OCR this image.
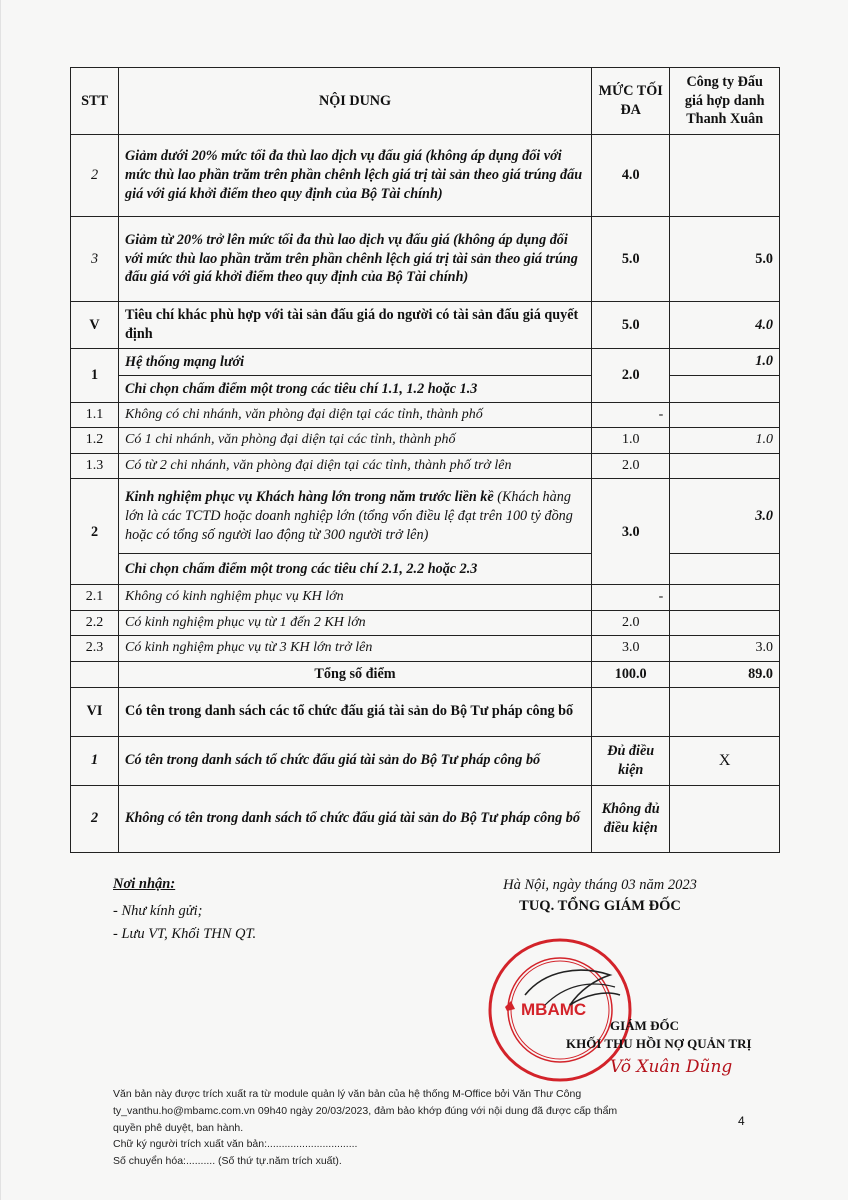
STT	NỘI DUNG	MỨC TỐI ĐA	Công ty Đấu giá hợp danh Thanh Xuân
2	Giảm dưới 20% mức tối đa thù lao dịch vụ đấu giá (không áp dụng đối với mức thù lao phần trăm trên phần chênh lệch giá trị tài sản theo giá trúng đấu giá với giá khởi điểm theo quy định của Bộ Tài chính)	4.0	
3	Giảm từ 20% trở lên mức tối đa thù lao dịch vụ đấu giá (không áp dụng đối với mức thù lao phần trăm trên phần chênh lệch giá trị tài sản theo giá trúng đấu giá với giá khởi điểm theo quy định của Bộ Tài chính)	5.0	5.0
V	Tiêu chí khác phù hợp với tài sản đấu giá do người có tài sản đấu giá quyết định	5.0	4.0
1	Hệ thống mạng lưới	2.0	1.0
	Chỉ chọn chấm điểm một trong các tiêu chí 1.1, 1.2 hoặc 1.3		
1.1	Không có chi nhánh, văn phòng đại diện tại các tỉnh, thành phố	-	
1.2	Có 1 chi nhánh, văn phòng đại diện tại các tỉnh, thành phố	1.0	1.0
1.3	Có từ 2 chi nhánh, văn phòng đại diện tại các tỉnh, thành phố trở lên	2.0	
2	Kinh nghiệm phục vụ Khách hàng lớn trong năm trước liền kề (Khách hàng lớn là các TCTD hoặc doanh nghiệp lớn (tổng vốn điều lệ đạt trên 100 tỷ đồng hoặc có tổng số người lao động từ 300 người trở lên)	3.0	3.0
	Chỉ chọn chấm điểm một trong các tiêu chí 2.1, 2.2 hoặc 2.3		
2.1	Không có kinh nghiệm phục vụ KH lớn	-	
2.2	Có kinh nghiệm phục vụ từ 1 đến 2 KH lớn	2.0	
2.3	Có kinh nghiệm phục vụ từ 3 KH lớn trở lên	3.0	3.0
	Tổng số điểm	100.0	89.0
VI	Có tên trong danh sách các tổ chức đấu giá tài sản do Bộ Tư pháp công bố		
1	Có tên trong danh sách tổ chức đấu giá tài sản do Bộ Tư pháp công bố	Đủ điều kiện	X
2	Không có tên trong danh sách tổ chức đấu giá tài sản do Bộ Tư pháp công bố	Không đủ điều kiện	
Nơi nhận:
- Như kính gửi;
- Lưu VT, Khối THN QT.
Hà Nội, ngày tháng 03 năm 2023
TUQ. TỔNG GIÁM ĐỐC
MBAMC
GIÁM ĐỐC
KHỐI THU HỒI NỢ QUẢN TRỊ
Võ Xuân Dũng
Văn bản này được trích xuất ra từ module quản lý văn bản của hệ thống M-Office bởi Văn Thư Công
ty_vanthu.ho@mbamc.com.vn 09h40 ngày 20/03/2023, đảm bảo khớp đúng với nội dung đã được cấp thẩm
quyền phê duyệt, ban hành.
Chữ ký người trích xuất văn bản:...............................
Số chuyển hóa:.......... (Số thứ tự.năm trích xuất).
4
